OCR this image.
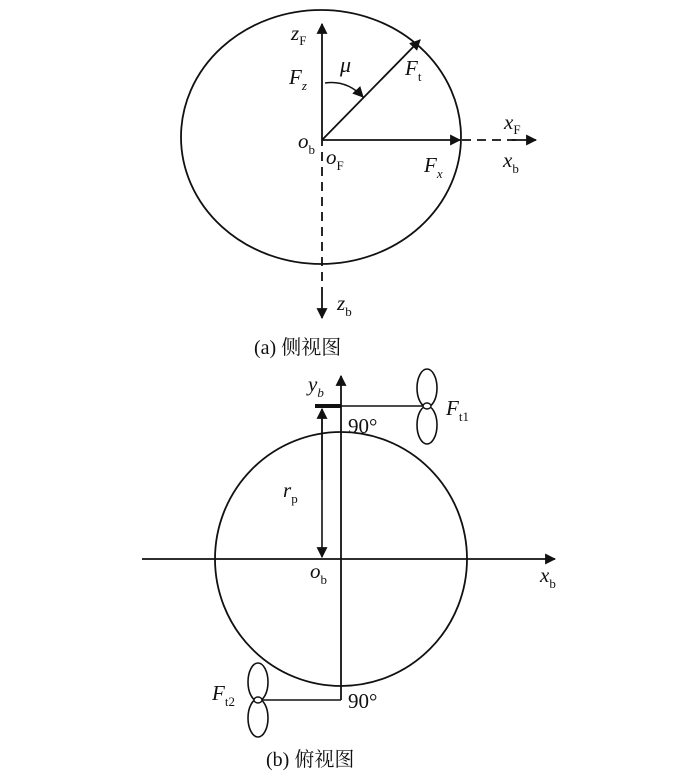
$z_F$
$F_z$
μ	$F_t$
$o_b$ $o_F$	$F_x$
$x_F$
$x_b$
$z_b$
(a) 侧视图
$y_b$
$F_{t1}$
90°
$r_p$
$o_b$	$x_b$
$F_{t2}$	90°
(b) 俯视图
